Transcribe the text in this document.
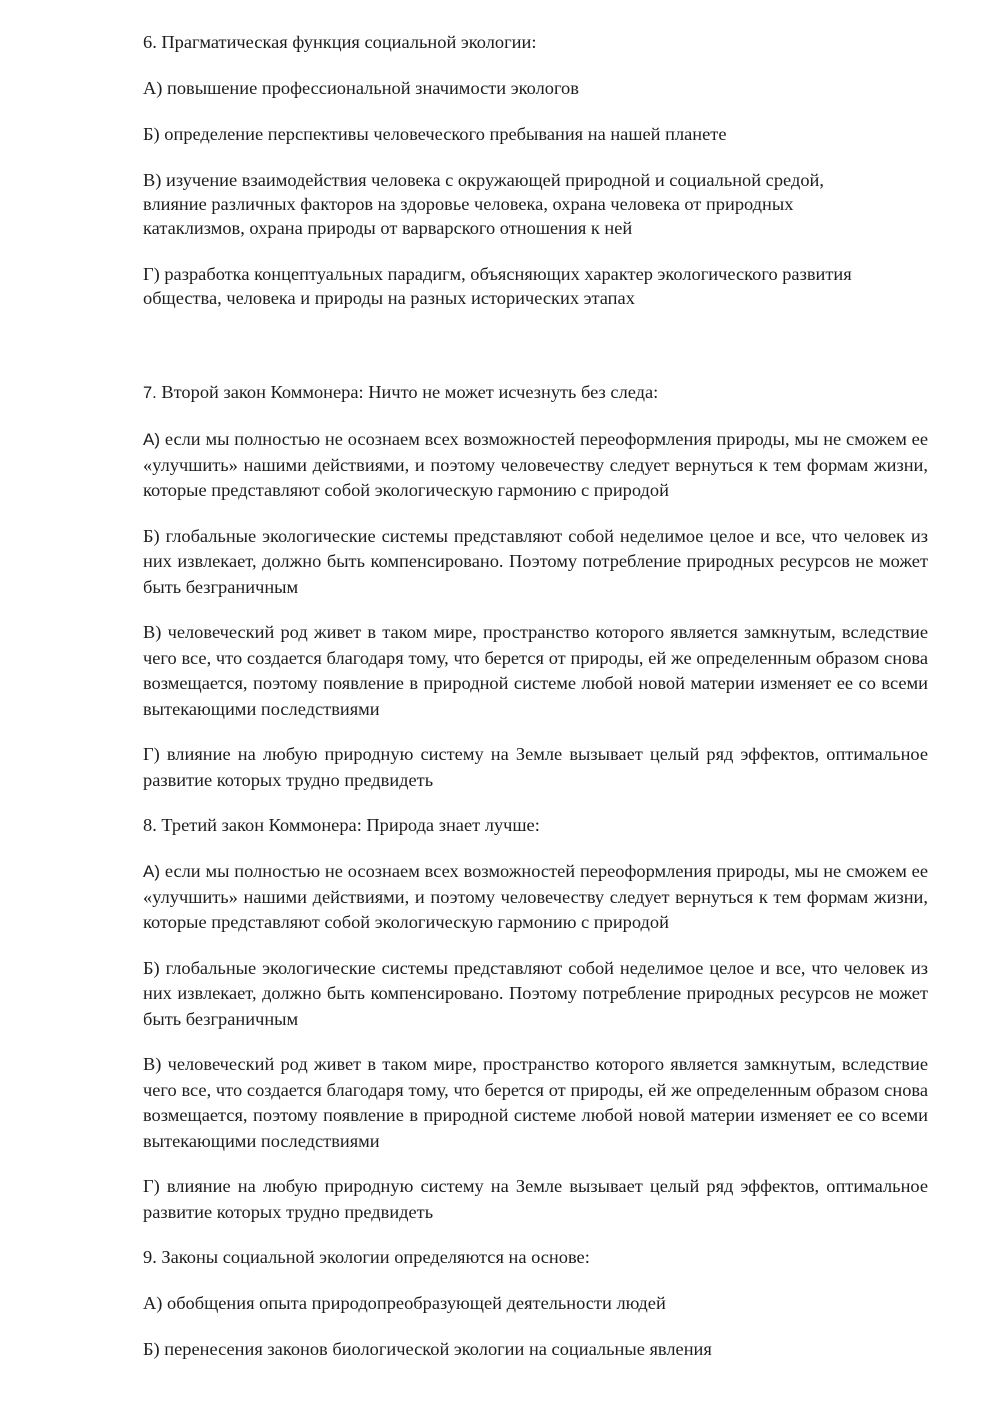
6. Прагматическая функция социальной экологии:

А) повышение профессиональной значимости экологов

Б) определение перспективы человеческого пребывания на нашей планете

В) изучение взаимодействия человека с окружающей природной и социальной средой,
влияние различных факторов на здоровье человека, охрана человека от природных
катаклизмов, охрана природы от варварского отношения к ней
Г) разработка концептуальных парадигм, объясняющих характер экологического развития
общества, человека и природы на разных исторических этапах

7. Второй закон Коммонера: Ничто не может исчезнуть без следа:

А) если мы полностью не осознаем всех возможностей переоформления природы, мы не сможем ее «улучшить» нашими действиями, и поэтому человечеству следует вернуться к тем формам жизни, которые представляют собой экологическую гармонию с природой

Б) глобальные экологические системы представляют собой неделимое целое и все, что человек из них извлекает, должно быть компенсировано. Поэтому потребление природных ресурсов не может быть безграничным

В) человеческий род живет в таком мире, пространство которого является замкнутым, вследствие чего все, что создается благодаря тому, что берется от природы, ей же определенным образом снова возмещается, поэтому появление в природной системе любой новой материи изменяет ее со всеми вытекающими последствиями

Г) влияние на любую природную систему на Земле вызывает целый ряд эффектов, оптимальное развитие которых трудно предвидеть

8. Третий закон Коммонера: Природа знает лучше:

А) если мы полностью не осознаем всех возможностей переоформления природы, мы не сможем ее «улучшить» нашими действиями, и поэтому человечеству следует вернуться к тем формам жизни, которые представляют собой экологическую гармонию с природой

Б) глобальные экологические системы представляют собой неделимое целое и все, что человек из них извлекает, должно быть компенсировано. Поэтому потребление природных ресурсов не может быть безграничным

В) человеческий род живет в таком мире, пространство которого является замкнутым, вследствие чего все, что создается благодаря тому, что берется от природы, ей же определенным образом снова возмещается, поэтому появление в природной системе любой новой материи изменяет ее со всеми вытекающими последствиями

Г) влияние на любую природную систему на Земле вызывает целый ряд эффектов, оптимальное развитие которых трудно предвидеть

9. Законы социальной экологии определяются на основе:

А) обобщения опыта природопреобразующей деятельности людей

Б) перенесения законов биологической экологии на социальные явления
